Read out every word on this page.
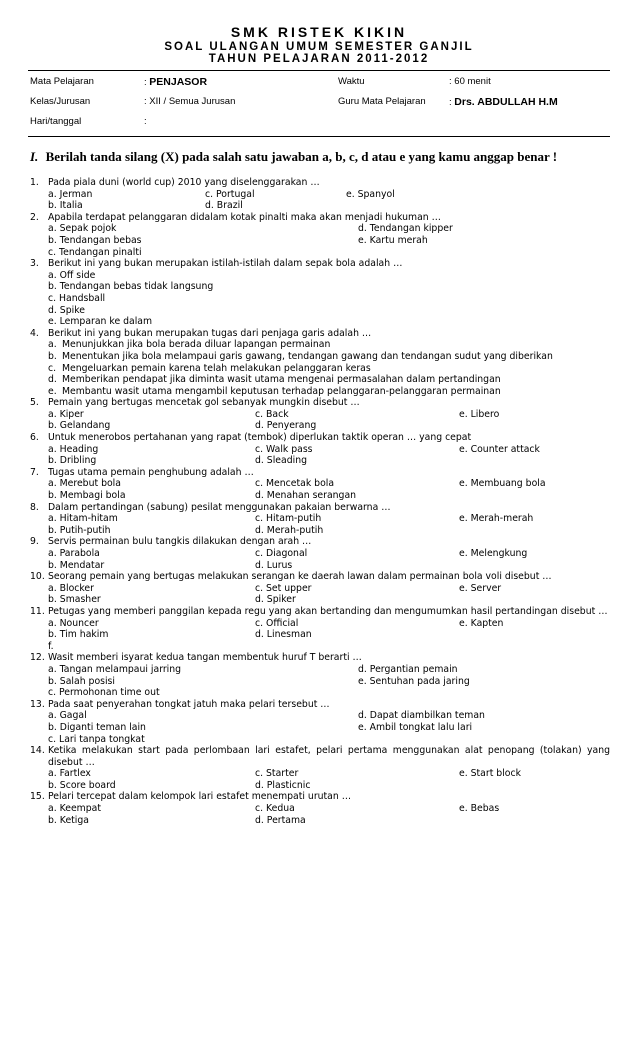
SMK RISTEK KIKIN
SOAL ULANGAN UMUM SEMESTER GANJIL
TAHUN PELAJARAN 2011-2012
Mata Pelajaran	: PENJASOR	Waktu	: 60 menit
Kelas/Jurusan	: XII / Semua Jurusan	Guru Mata Pelajaran : Drs. ABDULLAH H.M
Hari/tanggal	:
I. Berilah tanda silang (X) pada salah satu jawaban a, b, c, d atau e yang kamu anggap benar !
1. Pada piala duni (world cup) 2010 yang diselenggarakan …
a. Jerman	c. Portugal	e. Spanyol
b. Italia	d. Brazil
2. Apabila terdapat pelanggaran didalam kotak pinalti maka akan menjadi hukuman …
a. Sepak pojok	d. Tendangan kipper
b. Tendangan bebas	e. Kartu merah
c. Tendangan pinalti
3. Berikut ini yang bukan merupakan istilah-istilah dalam sepak bola adalah …
a. Off side
b. Tendangan bebas tidak langsung
c. Handsball
d. Spike
e. Lemparan ke dalam
4. Berikut ini yang bukan merupakan tugas dari penjaga garis adalah …
a. Menunjukkan jika bola berada diluar lapangan permainan
b. Menentukan jika bola melampaui garis gawang, tendangan gawang dan tendangan sudut yang diberikan
c. Mengeluarkan pemain karena telah melakukan pelanggaran keras
d. Memberikan pendapat jika diminta wasit utama mengenai permasalahan dalam pertandingan
e. Membantu wasit utama mengambil keputusan terhadap pelanggaran-pelanggaran permainan
5. Pemain yang bertugas mencetak gol sebanyak mungkin disebut …
a. Kiper	c. Back	e. Libero
b. Gelandang	d. Penyerang
6. Untuk menerobos pertahanan yang rapat (tembok) diperlukan taktik operan … yang cepat
a. Heading	c. Walk pass	e. Counter attack
b. Dribling	d. Sleading
7. Tugas utama pemain penghubung adalah …
a. Merebut bola	c. Mencetak bola	e. Membuang bola
b. Membagi bola	d. Menahan serangan
8. Dalam pertandingan (sabung) pesilat menggunakan pakaian berwarna …
a. Hitam-hitam	c. Hitam-putih	e. Merah-merah
b. Putih-putih	d. Merah-putih
9. Servis permainan bulu tangkis dilakukan dengan arah …
a. Parabola	c. Diagonal	e. Melengkung
b. Mendatar	d. Lurus
10. Seorang pemain yang bertugas melakukan serangan ke daerah lawan dalam permainan bola voli disebut …
a. Blocker	c. Set upper	e. Server
b. Smasher	d. Spiker
11. Petugas yang memberi panggilan kepada regu yang akan bertanding dan mengumumkan hasil pertandingan disebut …
a. Nouncer	c. Official	e. Kapten
b. Tim hakim	d. Linesman
f.
12. Wasit memberi isyarat kedua tangan membentuk huruf T berarti …
a. Tangan melampaui jarring	d. Pergantian pemain
b. Salah posisi	e. Sentuhan pada jaring
c. Permohonan time out
13. Pada saat penyerahan tongkat jatuh maka pelari tersebut …
a. Gagal	d. Dapat diambilkan teman
b. Diganti teman lain	e. Ambil tongkat lalu lari
c. Lari tanpa tongkat
14. Ketika melakukan start pada perlombaan lari estafet, pelari pertama menggunakan alat penopang (tolakan) yang disebut …
a. Fartlex	c. Starter	e. Start block
b. Score board	d. Plasticnic
15. Pelari tercepat dalam kelompok lari estafet menempati urutan …
a. Keempat	c. Kedua	e. Bebas
b. Ketiga	d. Pertama
